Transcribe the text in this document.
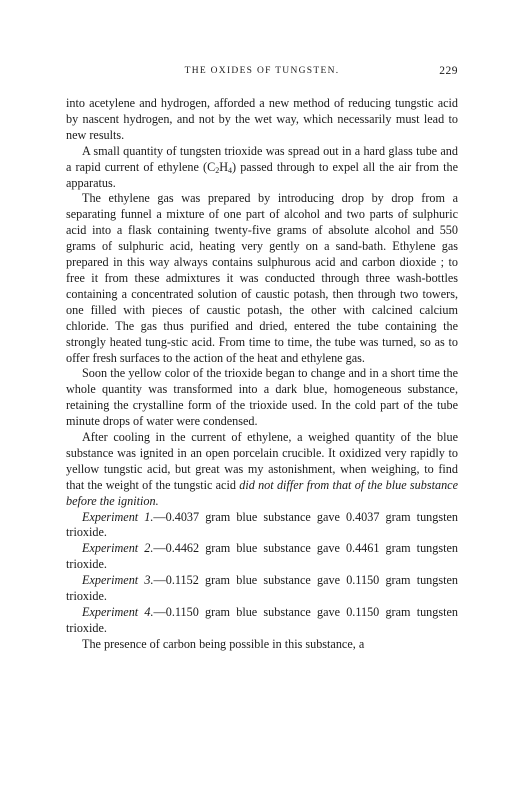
THE OXIDES OF TUNGSTEN.	229

into acetylene and hydrogen, afforded a new method of reducing tungstic acid by nascent hydrogen, and not by the wet way, which necessarily must lead to new results.

A small quantity of tungsten trioxide was spread out in a hard glass tube and a rapid current of ethylene $(C_2H_4)$ passed through to expel all the air from the apparatus.

The ethylene gas was prepared by introducing drop by drop from a separating funnel a mixture of one part of alcohol and two parts of sulphuric acid into a flask containing twenty-five grams of absolute alcohol and 550 grams of sulphuric acid, heating very gently on a sand-bath. Ethylene gas prepared in this way always contains sulphurous acid and carbon dioxide ; to free it from these admixtures it was conducted through three wash-bottles containing a concentrated solution of caustic potash, then through two towers, one filled with pieces of caustic potash, the other with calcined calcium chloride. The gas thus purified and dried, entered the tube containing the strongly heated tung-stic acid. From time to time, the tube was turned, so as to offer fresh surfaces to the action of the heat and ethylene gas.

Soon the yellow color of the trioxide began to change and in a short time the whole quantity was transformed into a dark blue, homogeneous substance, retaining the crystalline form of the trioxide used. In the cold part of the tube minute drops of water were condensed.

After cooling in the current of ethylene, a weighed quantity of the blue substance was ignited in an open porcelain crucible. It oxidized very rapidly to yellow tungstic acid, but great was my astonishment, when weighing, to find that the weight of the tungstic acid did not differ from that of the blue substance before the ignition.

Experiment 1.—0.4037 gram blue substance gave 0.4037 gram tungsten trioxide.

Experiment 2.—0.4462 gram blue substance gave 0.4461 gram tungsten trioxide.

Experiment 3.—0.1152 gram blue substance gave 0.1150 gram tungsten trioxide.

Experiment 4.—0.1150 gram blue substance gave 0.1150 gram tungsten trioxide.

The presence of carbon being possible in this substance, a
